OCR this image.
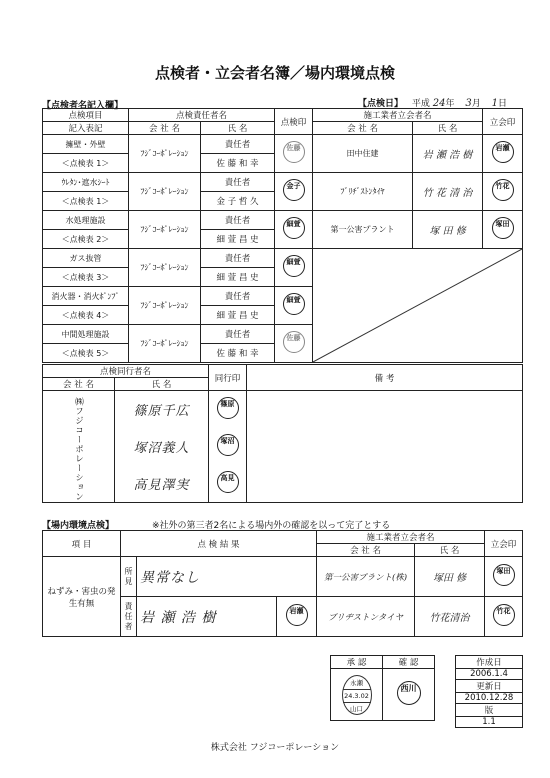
点検者・立会者名簿／場内環境点検
【点検者名記入欄】	【点検日】 平成 24年 3月 1日
点検項目	点検責任者名		点検印	施工業者立会者名		立会印
記入表記	会 社 名	氏 名		会 社 名	氏 名	
擁壁・外壁	ﾌｼﾞｺｰﾎﾟﾚｰｼｮﾝ	責任者	佐藤	田中住建	岩 瀬 浩 樹	岩瀬
＜点検表 1＞		佐 藤 和 幸				
ｳﾚﾀﾝ･遮水ｼｰﾄ	ﾌｼﾞｺｰﾎﾟﾚｰｼｮﾝ	責任者	金子	ﾌﾞﾘﾁﾞｽﾄﾝﾀｲﾔ	竹 花 清 治	竹花
＜点検表 1＞		金 子 哲 久				
水処理施設	ﾌｼﾞｺｰﾎﾟﾚｰｼｮﾝ	責任者	細萱	第一公害プラント	塚 田 修	塚田
＜点検表 2＞		細 萱 昌 史				
ガス抜管	ﾌｼﾞｺｰﾎﾟﾚｰｼｮﾝ	責任者	細萱	

＜点検表 3＞		細 萱 昌 史				
消火器・消火ﾎﾟﾝﾌﾟ	ﾌｼﾞｺｰﾎﾟﾚｰｼｮﾝ	責任者	細萱			
＜点検表 4＞		細 萱 昌 史				
中間処理施設	ﾌｼﾞｺｰﾎﾟﾚｰｼｮﾝ	責任者	佐藤			
＜点検表 5＞		佐 藤 和 幸				
点検同行者名		同行印	備 考
会 社 名	氏 名		

㈱フジコーポレーション	篠原千広	篠原	
	塚沼義人	塚沼	
	高見澤実	高見	
【場内環境点検】	※社外の第三者2名による場内外の確認を以って完了とする
項 目	点 検 結 果			施工業者立会者名		立会印
				会 社 名	氏 名	
ねずみ・害虫の発生有無	所見	異常なし		第一公害プラント(株)	塚田 修	塚田
	責任者	岩 瀬 浩 樹	岩瀬	ブリヂストンタイヤ	竹花清治	竹花
承 認	確 認

永瀬
24.3.02
山口	西川
作成日
2006.1.4
更新日
2010.12.28
版
1.1
株式会社 フジコーポレーション
